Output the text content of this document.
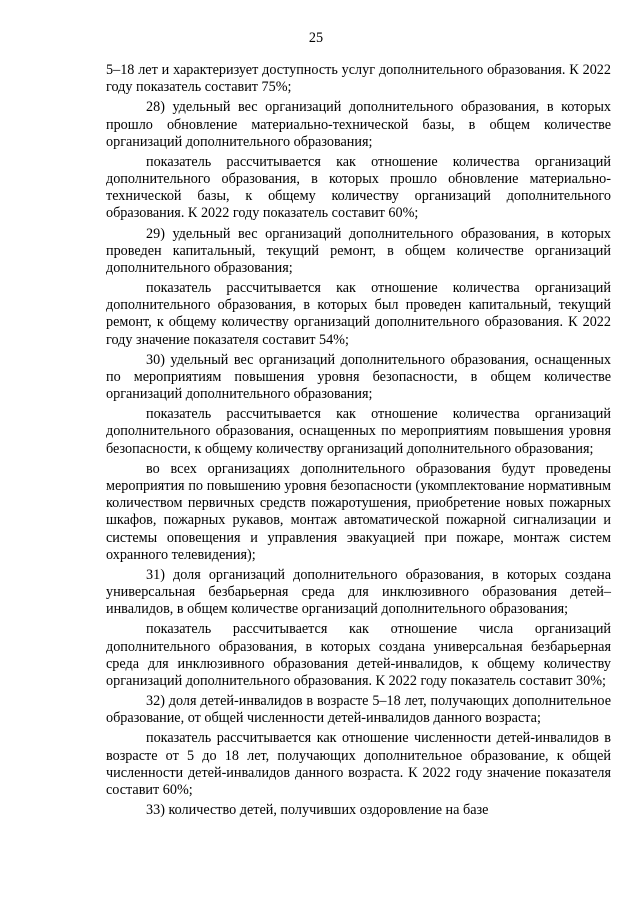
25

5–18 лет и характеризует доступность услуг дополнительного образования. К 2022 году показатель составит 75%;

28) удельный вес организаций дополнительного образования, в которых прошло обновление материально-технической базы, в общем количестве организаций дополнительного образования;

показатель рассчитывается как отношение количества организаций дополнительного образования, в которых прошло обновление материально-технической базы, к общему количеству организаций дополнительного образования. К 2022 году показатель составит 60%;

29) удельный вес организаций дополнительного образования, в которых проведен капитальный, текущий ремонт, в общем количестве организаций дополнительного образования;

показатель рассчитывается как отношение количества организаций дополнительного образования, в которых был проведен капитальный, текущий ремонт, к общему количеству организаций дополнительного образования. К 2022 году значение показателя составит 54%;

30) удельный вес организаций дополнительного образования, оснащенных по мероприятиям повышения уровня безопасности, в общем количестве организаций дополнительного образования;

показатель рассчитывается как отношение количества организаций дополнительного образования, оснащенных по мероприятиям повышения уровня безопасности, к общему количеству организаций дополнительного образования;

во всех организациях дополнительного образования будут проведены мероприятия по повышению уровня безопасности (укомплектование нормативным количеством первичных средств пожаротушения, приобретение новых пожарных шкафов, пожарных рукавов, монтаж автоматической пожарной сигнализации и системы оповещения и управления эвакуацией при пожаре, монтаж систем охранного телевидения);

31) доля организаций дополнительного образования, в которых создана универсальная безбарьерная среда для инклюзивного образования детей–инвалидов, в общем количестве организаций дополнительного образования;

показатель рассчитывается как отношение числа организаций дополнительного образования, в которых создана универсальная безбарьерная среда для инклюзивного образования детей-инвалидов, к общему количеству организаций дополнительного образования. К 2022 году показатель составит 30%;

32) доля детей-инвалидов в возрасте 5–18 лет, получающих дополнительное образование, от общей численности детей-инвалидов данного возраста;

показатель рассчитывается как отношение численности детей-инвалидов в возрасте от 5 до 18 лет, получающих дополнительное образование, к общей численности детей-инвалидов данного возраста. К 2022 году значение показателя составит 60%;

33) количество детей, получивших оздоровление на базе
